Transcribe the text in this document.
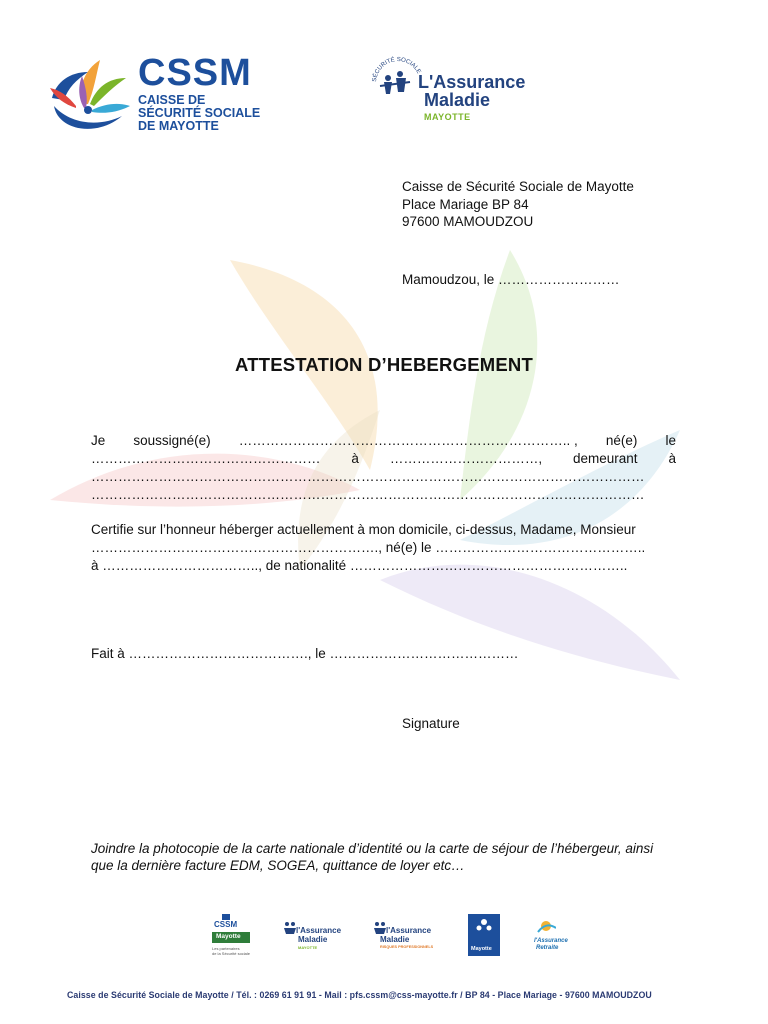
CSSM
CAISSE DE
SÉCURITÉ SOCIALE
DE MAYOTTE
SÉCURITÉ SOCIALE
L'Assurance
Maladie
MAYOTTE
Caisse de Sécurité Sociale de Mayotte
Place Mariage BP 84
97600 MAMOUDZOU
Mamoudzou, le ………………………
ATTESTATION D’HEBERGEMENT
Je soussigné(e) ……………………………………………………………….. , né(e) le
…………………………………………… à ……………………………, demeurant à
……………………………………………………………………………………………………………
……………………………………………………………………………………………………………
Certifie sur l’honneur héberger actuellement à mon domicile, ci-dessus, Madame, Monsieur
………………………………………………………., né(e) le ………………………………………..
à …………………………….., de nationalité ……………………………………………………..
Fait à …………………………………., le ……………………………………
Signature
Joindre la photocopie de la carte nationale d’identité ou la carte de séjour de l’hébergeur, ainsi que la dernière facture EDM, SOGEA, quittance de loyer etc…
CSSM
Mayotte
Les partenaires
de la Sécurité sociale
l'Assurance
Maladie
MAYOTTE
l'Assurance
Maladie
RISQUES PROFESSIONNELS	Mayotte
l'Assurance
Retraite
Caisse de Sécurité Sociale de Mayotte / Tél. : 0269 61 91 91 - Mail : pfs.cssm@css-mayotte.fr / BP 84 - Place Mariage - 97600 MAMOUDZOU
